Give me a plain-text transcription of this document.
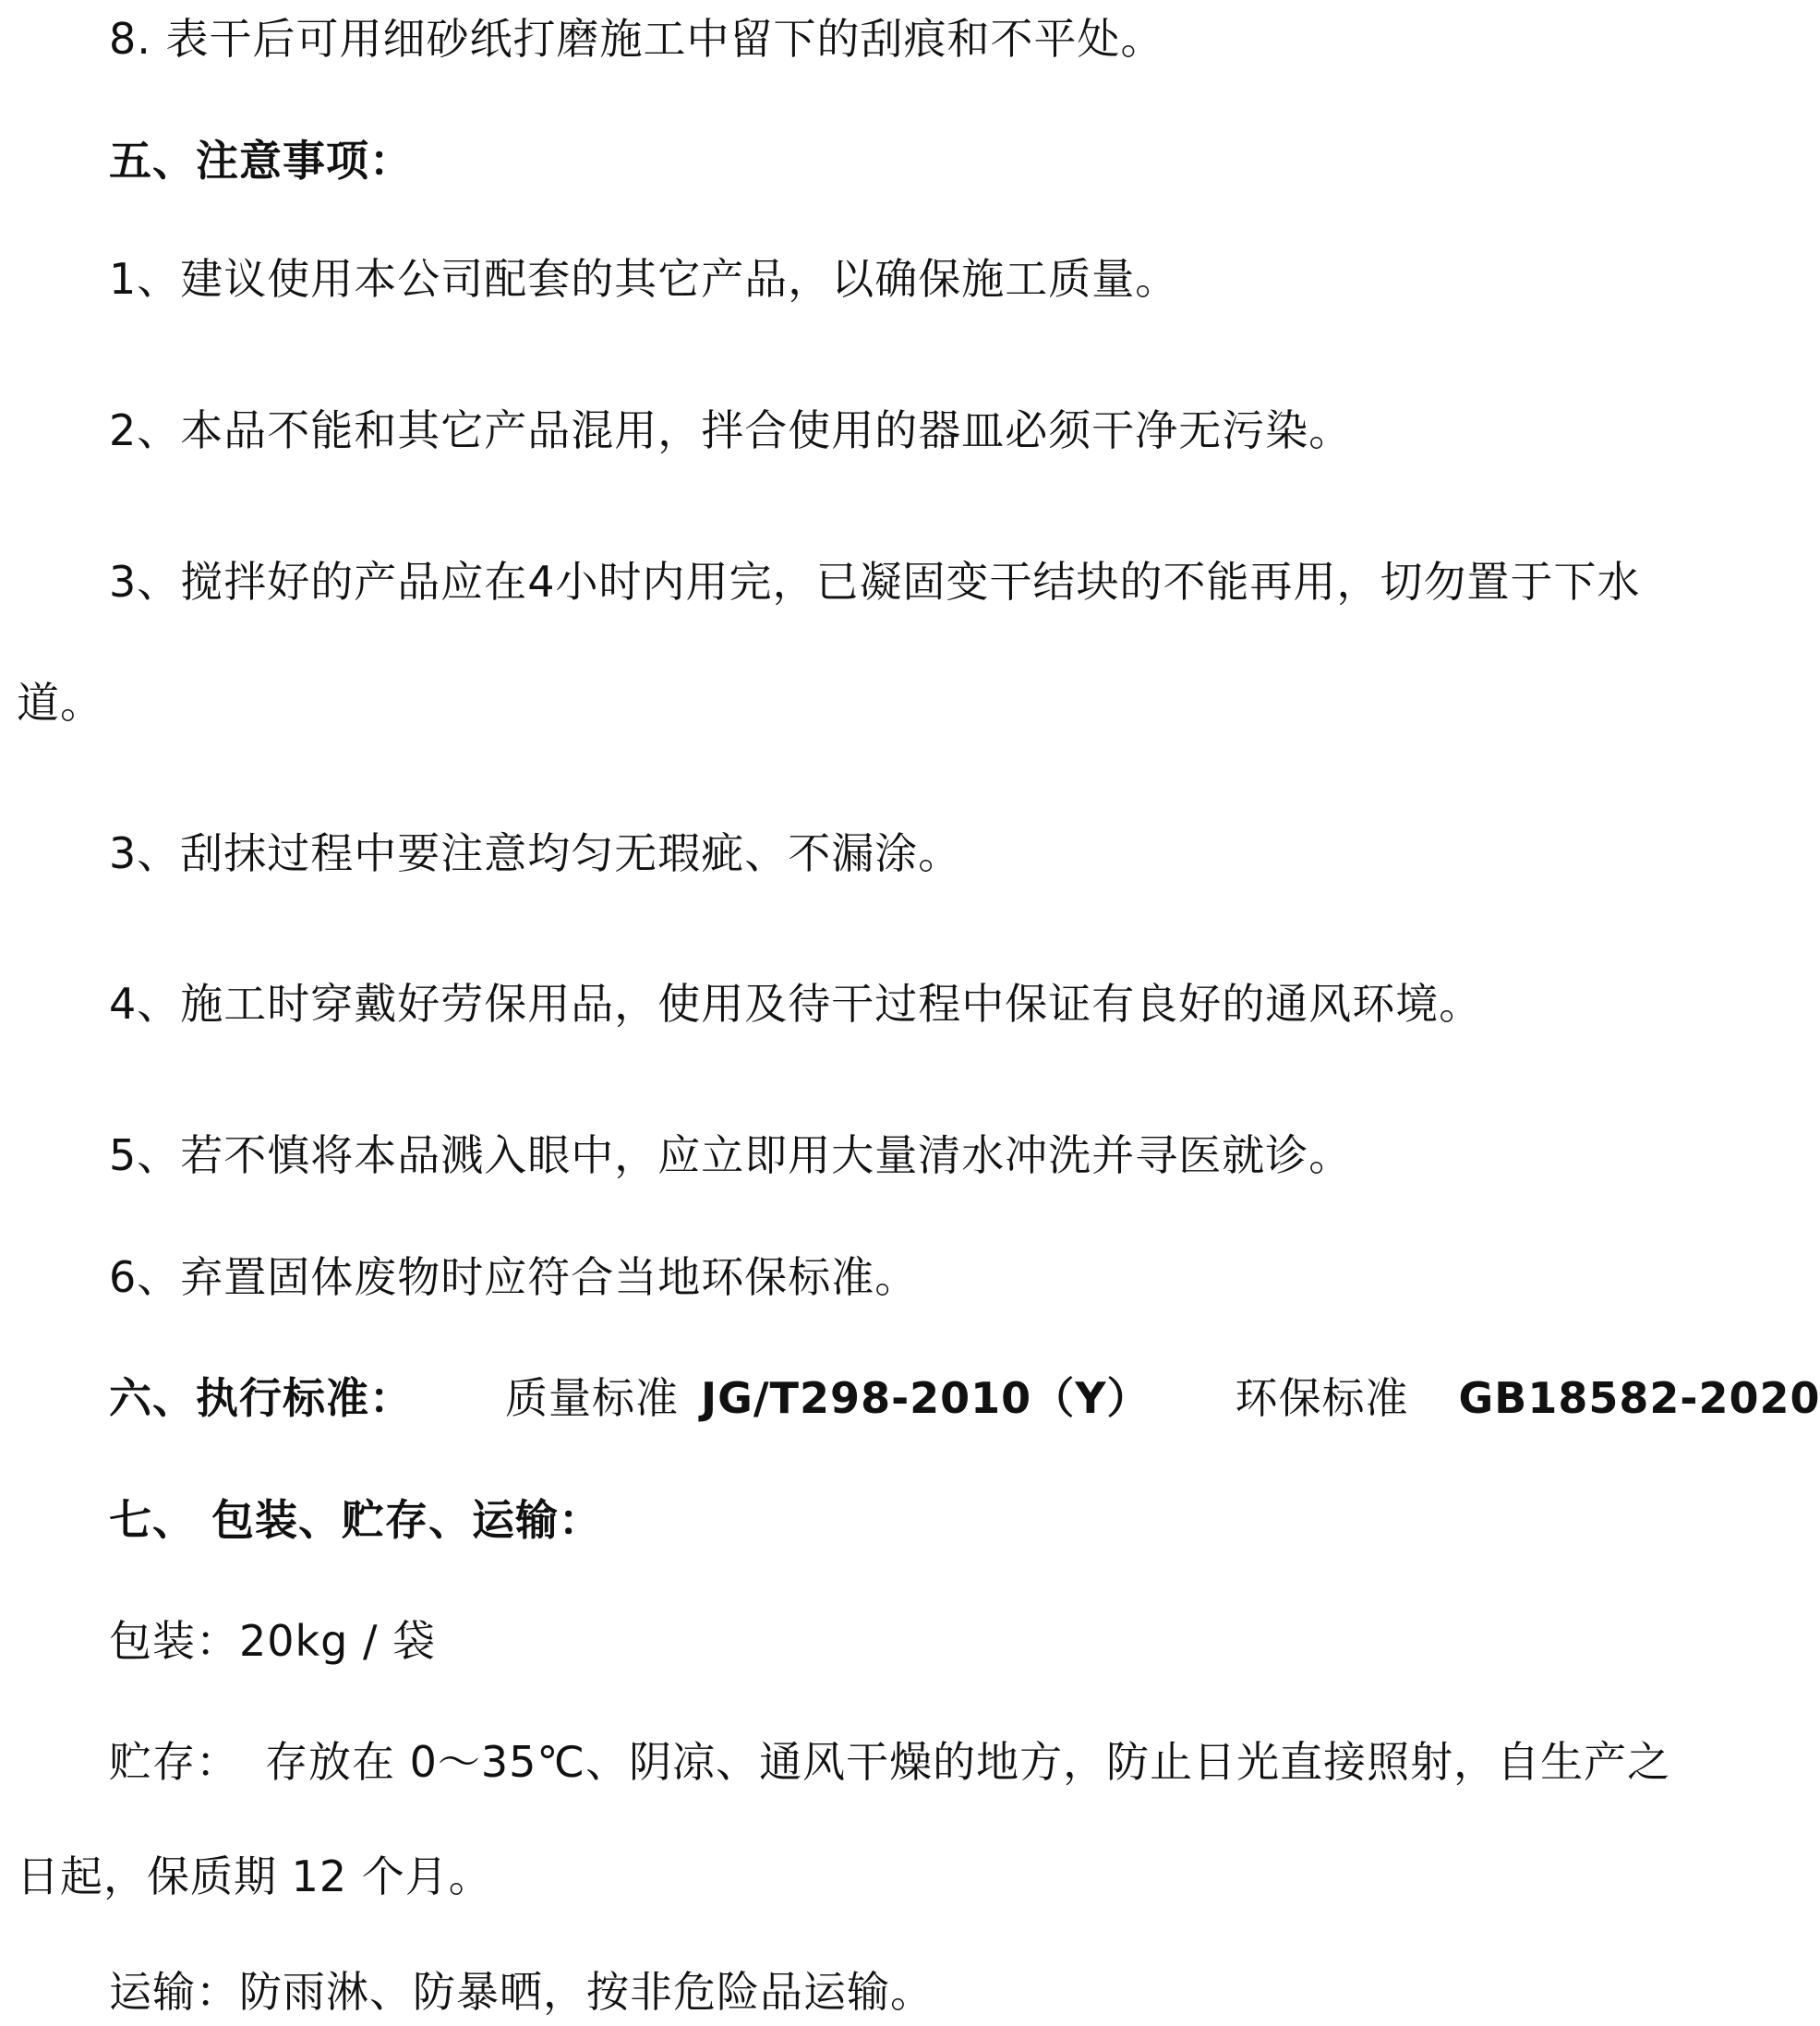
8. 表干后可用细砂纸打磨施工中留下的刮痕和不平处。
五、注意事项：
1、建议使用本公司配套的其它产品，以确保施工质量。
2、本品不能和其它产品混用，拌合使用的器皿必须干净无污染。
3、搅拌好的产品应在4小时内用完，已凝固变干结块的不能再用，切勿置于下水
道。
3、刮抹过程中要注意均匀无瑕疵、不漏涂。
4、施工时穿戴好劳保用品，使用及待干过程中保证有良好的通风环境。
5、若不慎将本品溅入眼中，应立即用大量清水冲洗并寻医就诊。
6、弃置固体废物时应符合当地环保标准。
六、执行标准： 质量标准 JG/T298-2010（Y） 环保标准 GB18582-2020
七、 包装、贮存、运输：
包装：20kg / 袋
贮存： 存放在 0～35℃、阴凉、通风干燥的地方，防止日光直接照射，自生产之
日起，保质期 12 个月。
运输：防雨淋、防暴晒，按非危险品运输。
